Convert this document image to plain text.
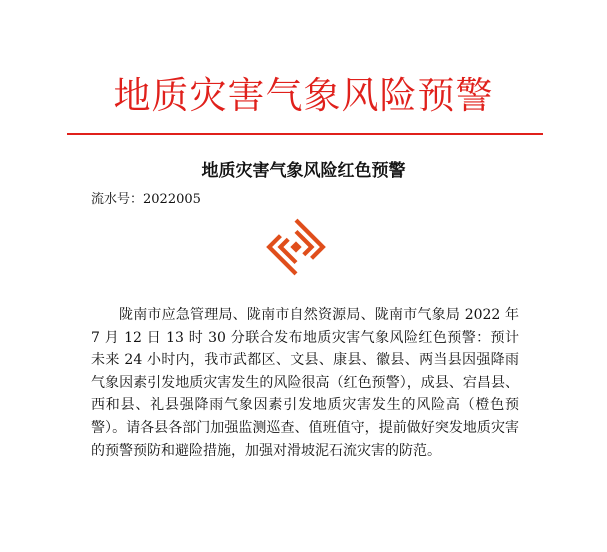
地质灾害气象风险预警
地质灾害气象风险红色预警
流水号：2022005

陇南市应急管理局、陇南市自然资源局、陇南市气象局 2022 年 7 月 12 日 13 时 30 分联合发布地质灾害气象风险红色预警：预计未来 24 小时内，我市武都区、文县、康县、徽县、两当县因强降雨气象因素引发地质灾害发生的风险很高（红色预警），成县、宕昌县、西和县、礼县强降雨气象因素引发地质灾害发生的风险高（橙色预警）。请各县各部门加强监测巡查、值班值守，提前做好突发地质灾害的预警预防和避险措施，加强对滑坡泥石流灾害的防范。
